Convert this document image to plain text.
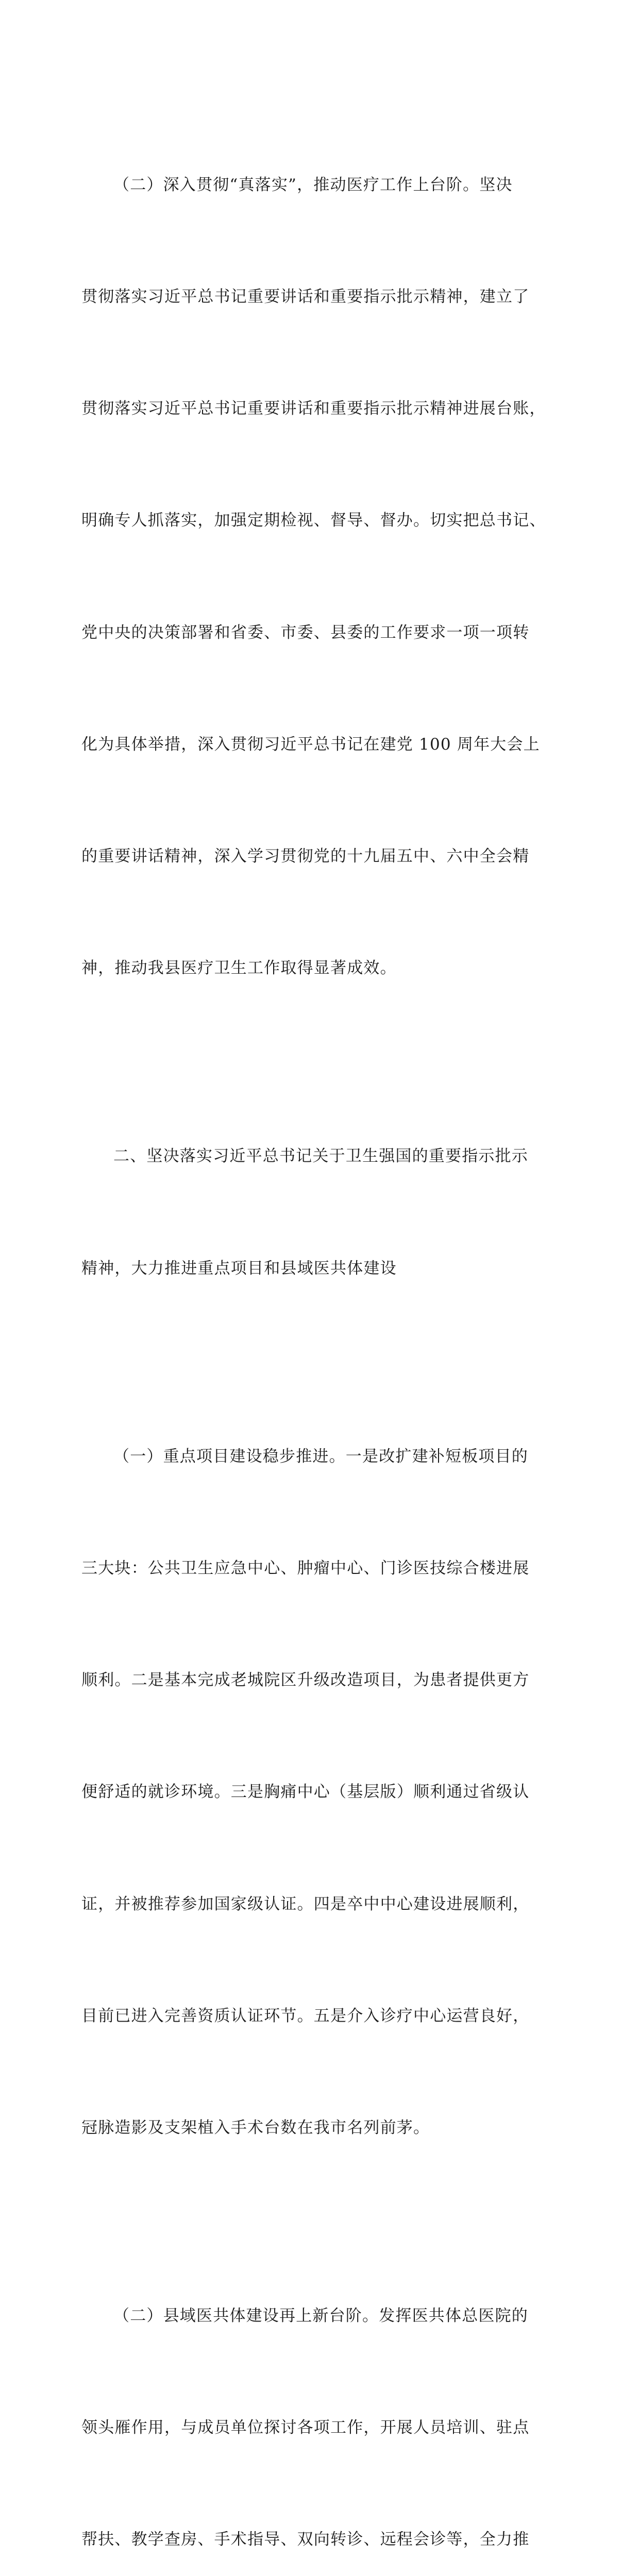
（二）深入贯彻“真落实”，推动医疗工作上台阶。坚决

贯彻落实习近平总书记重要讲话和重要指示批示精神，建立了

贯彻落实习近平总书记重要讲话和重要指示批示精神进展台账，

明确专人抓落实，加强定期检视、督导、督办。切实把总书记、

党中央的决策部署和省委、市委、县委的工作要求一项一项转

化为具体举措，深入贯彻习近平总书记在建党 100 周年大会上

的重要讲话精神，深入学习贯彻党的十九届五中、六中全会精

神，推动我县医疗卫生工作取得显著成效。

二、坚决落实习近平总书记关于卫生强国的重要指示批示

精神，大力推进重点项目和县域医共体建设

（一）重点项目建设稳步推进。一是改扩建补短板项目的

三大块：公共卫生应急中心、肿瘤中心、门诊医技综合楼进展

顺利。二是基本完成老城院区升级改造项目，为患者提供更方

便舒适的就诊环境。三是胸痛中心（基层版）顺利通过省级认

证，并被推荐参加国家级认证。四是卒中中心建设进展顺利，

目前已进入完善资质认证环节。五是介入诊疗中心运营良好，

冠脉造影及支架植入手术台数在我市名列前茅。

（二）县域医共体建设再上新台阶。发挥医共体总医院的

领头雁作用，与成员单位探讨各项工作，开展人员培训、驻点

帮扶、教学查房、手术指导、双向转诊、远程会诊等，全力推
